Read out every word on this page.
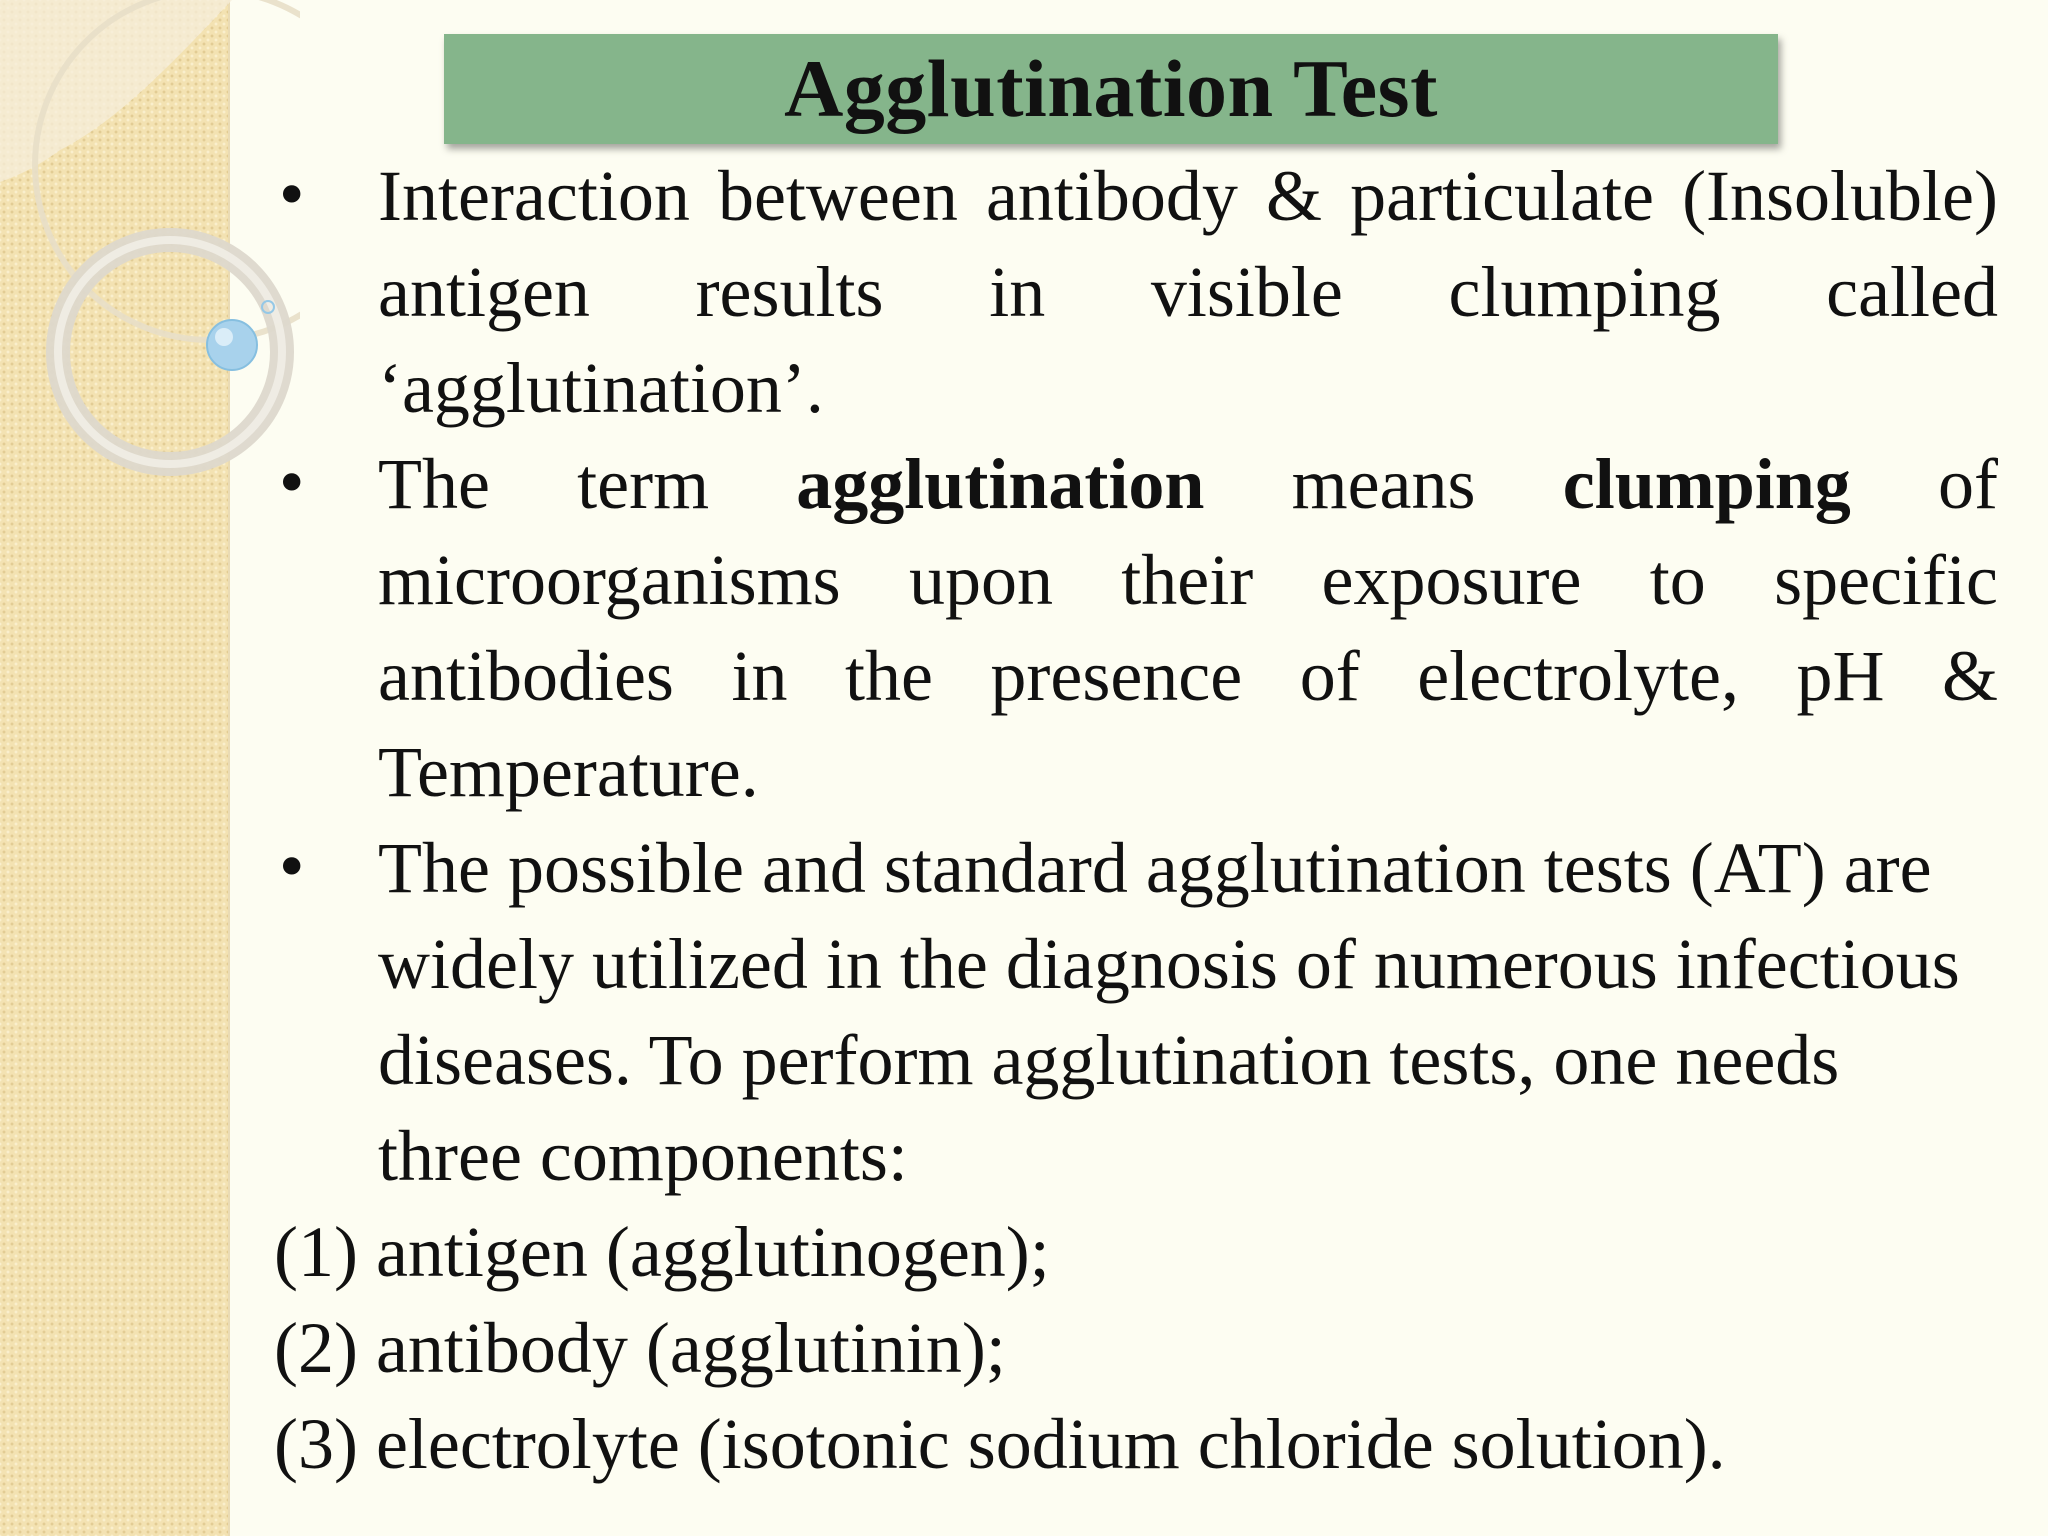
Agglutination Test
• Interaction between antibody & particulate (Insoluble) antigen results in visible clumping called ‘agglutination’.
• The term agglutination means clumping of microorganisms upon their exposure to specific antibodies in the presence of electrolyte, pH & Temperature.
• The possible and standard agglutination tests (AT) are widely utilized in the diagnosis of numerous infectious diseases. To perform agglutination tests, one needs three components:
(1) antigen (agglutinogen);
(2) antibody (agglutinin);
(3) electrolyte (isotonic sodium chloride solution).
